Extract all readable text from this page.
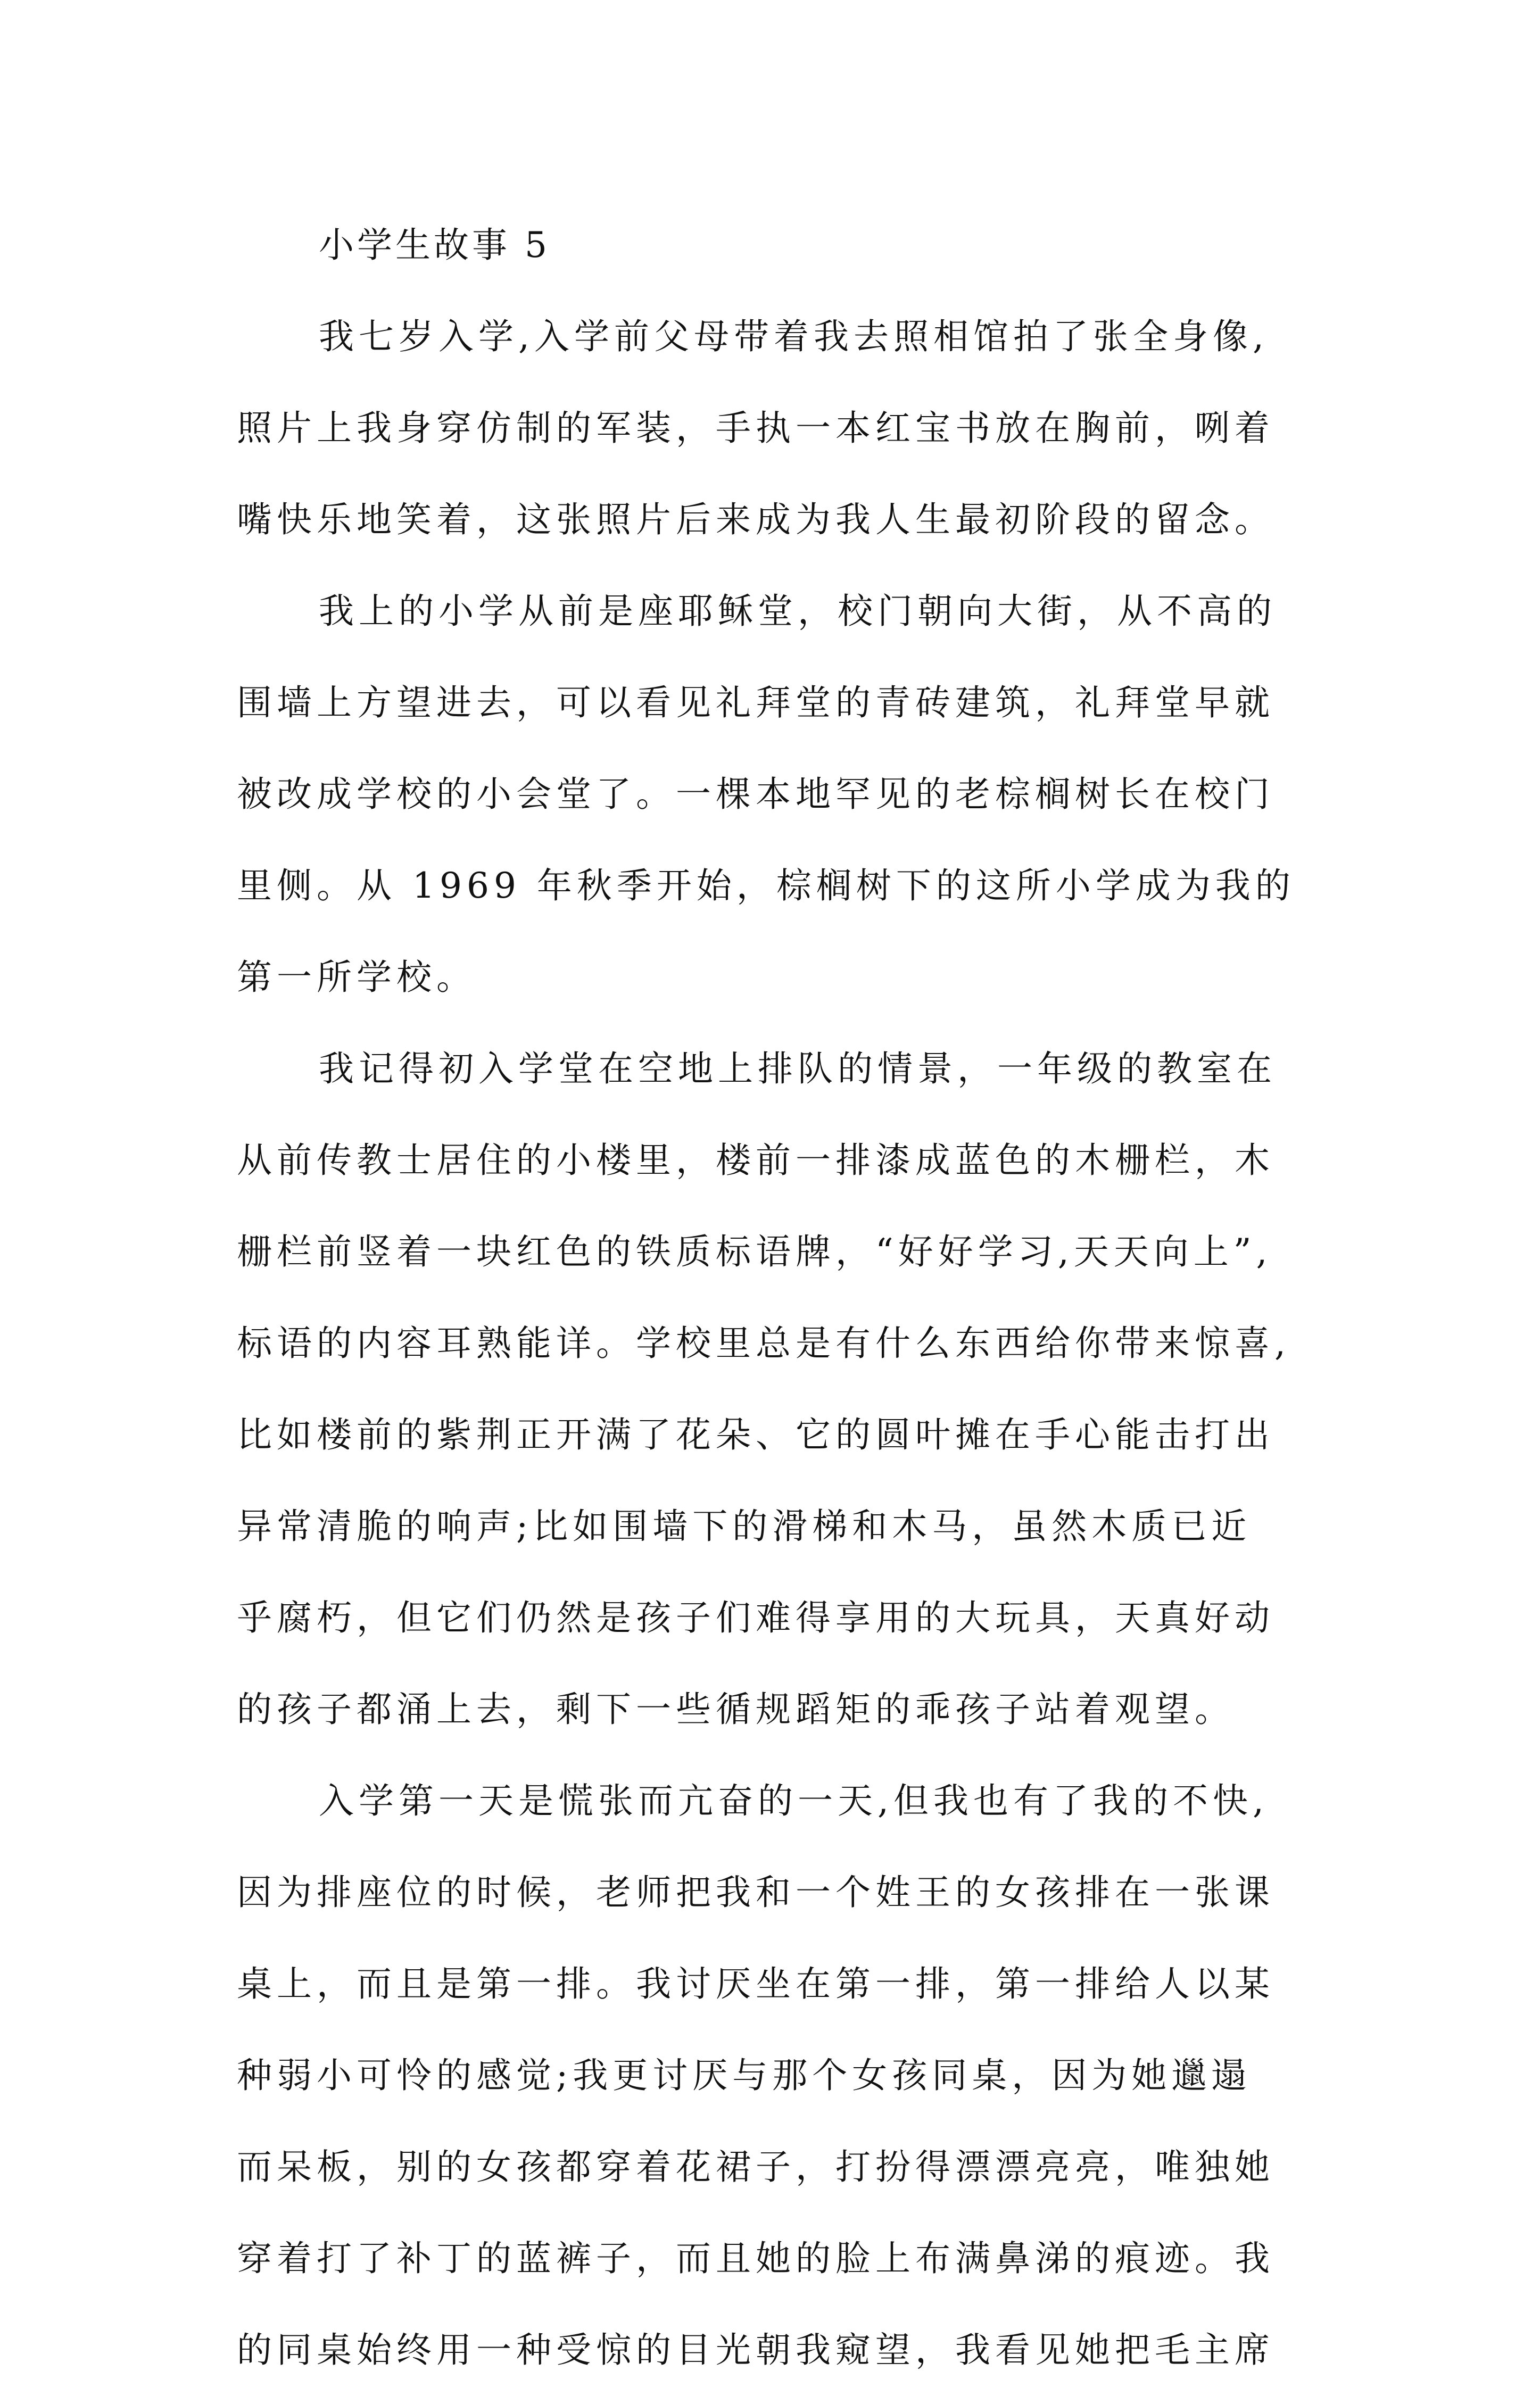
小学生故事 5
我七岁入学,入学前父母带着我去照相馆拍了张全身像,
照片上我身穿仿制的军装，手执一本红宝书放在胸前，咧着
嘴快乐地笑着，这张照片后来成为我人生最初阶段的留念。
我上的小学从前是座耶稣堂，校门朝向大街，从不高的
围墙上方望进去，可以看见礼拜堂的青砖建筑，礼拜堂早就
被改成学校的小会堂了。一棵本地罕见的老棕榈树长在校门
里侧。从 1969 年秋季开始，棕榈树下的这所小学成为我的
第一所学校。
我记得初入学堂在空地上排队的情景，一年级的教室在
从前传教士居住的小楼里，楼前一排漆成蓝色的木栅栏，木
栅栏前竖着一块红色的铁质标语牌，“好好学习,天天向上”,
标语的内容耳熟能详。学校里总是有什么东西给你带来惊喜,
比如楼前的紫荆正开满了花朵、它的圆叶摊在手心能击打出
异常清脆的响声;比如围墙下的滑梯和木马，虽然木质已近
乎腐朽，但它们仍然是孩子们难得享用的大玩具，天真好动
的孩子都涌上去，剩下一些循规蹈矩的乖孩子站着观望。
入学第一天是慌张而亢奋的一天,但我也有了我的不快,
因为排座位的时候，老师把我和一个姓王的女孩排在一张课
桌上，而且是第一排。我讨厌坐在第一排，第一排给人以某
种弱小可怜的感觉;我更讨厌与那个女孩同桌，因为她邋遢
而呆板，别的女孩都穿着花裙子，打扮得漂漂亮亮，唯独她
穿着打了补丁的蓝裤子，而且她的脸上布满鼻涕的痕迹。我
的同桌始终用一种受惊的目光朝我窥望，我看见她把毛主席
